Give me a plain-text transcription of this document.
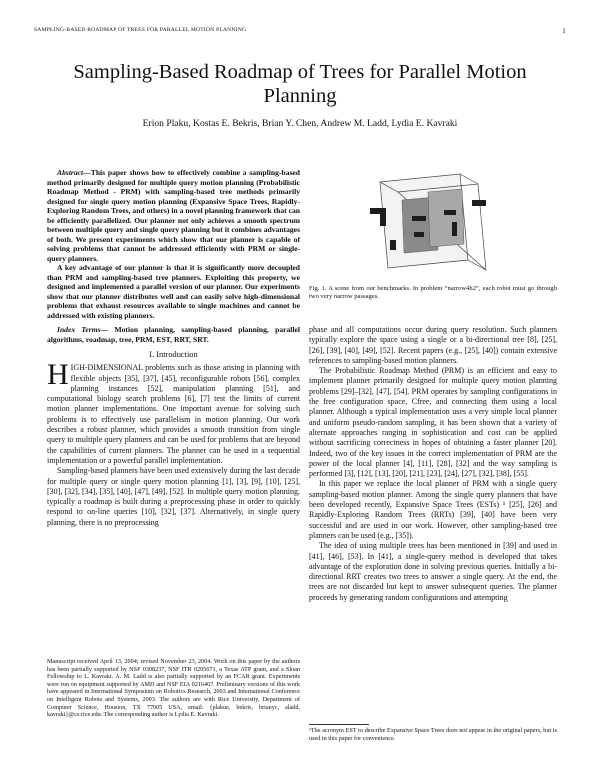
SAMPLING-BASED ROADMAP OF TREES FOR PARALLEL MOTION PLANNING	1
Sampling-Based Roadmap of Trees for Parallel Motion Planning
Erion Plaku, Kostas E. Bekris, Brian Y. Chen, Andrew M. Ladd, Lydia E. Kavraki

Abstract—This paper shows how to effectively combine a sampling-based method primarily designed for multiple query motion planning (Probabilistic Roadmap Method - PRM) with sampling-based tree methods primarily designed for single query motion planning (Expansive Space Trees, Rapidly-Exploring Random Trees, and others) in a novel planning framework that can be efficiently parallelized. Our planner not only achieves a smooth spectrum between multiple query and single query planning but it combines advantages of both. We present experiments which show that our planner is capable of solving problems that cannot be addressed efficiently with PRM or single-query planners.

A key advantage of our planner is that it is significantly more decoupled than PRM and sampling-based tree planners. Exploiting this property, we designed and implemented a parallel version of our planner. Our experiments show that our planner distributes well and can easily solve high-dimensional problems that exhaust resources available to single machines and cannot be addressed with existing planners.

Index Terms— Motion planning, sampling-based planning, parallel algorithms, roadmap, tree, PRM, EST, RRT, SRT.

I. Introduction

HIGH-DIMENSIONAL problems such as those arising in planning with flexible objects [35], [37], [45], reconfigurable robots [56], complex planning instances [52], manipulation planning [51], and computational biology search problems [6], [7] test the limits of current motion planner implementations. One important avenue for solving such problems is to effectively use parallelism in motion planning. Our work describes a robust planner, which provides a smooth transition from single query to multiple query planners and can be used for problems that are beyond the capabilities of current planners. The planner can be used in a sequential implementation or a powerful parallel implementation.

Sampling-based planners have been used extensively during the last decade for multiple query or single query motion planning [1], [3], [9], [10], [25], [30], [32], [34], [35], [40], [47], [49], [52]. In multiple query motion planning, typically a roadmap is built during a preprocessing phase in order to quickly respond to on-line queries [10], [32], [37]. Alternatively, in single query planning, there is no preprocessing

Manuscript received April 13, 2004; revised November 23, 2004. Work on this paper by the authors has been partially supported by NSF 0308237, NSF ITR 0205671, a Texas ATP grant, and a Sloan Fellowship to L. Kavraki. A. M. Ladd is also partially supported by an FCAR grant. Experiments were run on equipment supported by AMD and NSF EIA 0216467. Preliminary versions of this work have appeared in International Symposium on Robotics Research, 2003 and International Conference on Intelligent Robots and Systems, 2003. The authors are with Rice University, Department of Computer Science, Houston, TX 77005 USA, email: {plakue, bekris, brianyc, aladd, kavraki}@cs.rice.edu. The corresponding author is Lydia E. Kavraki.
Fig. 1. A scene from our benchmarks. In problem “narrow4h2”, each robot must go through two very narrow passages.

phase and all computations occur during query resolution. Such planners typically explore the space using a single or a bi-directional tree [8], [25], [26], [39], [40], [49], [52]. Recent papers (e.g., [25], [40]) contain extensive references to sampling-based motion planners.

The Probabilistic Roadmap Method (PRM) is an efficient and easy to implement planner primarily designed for multiple query motion planning problems [29]–[32], [47], [54]. PRM operates by sampling configurations in the free configuration space, Cfree, and connecting them using a local planner. Although a typical implementation uses a very simple local planner and uniform pseudo-random sampling, it has been shown that a variety of alternate approaches ranging in sophistication and cost can be applied without sacrificing correctness in hopes of obtaining a faster planner [20]. Indeed, two of the key issues in the correct implementation of PRM are the power of the local planner [4], [11], [28], [32] and the way sampling is performed [3], [12], [13], [20], [21], [23], [24], [27], [32], [38], [55].

In this paper we replace the local planner of PRM with a single query sampling-based motion planner. Among the single query planners that have been developed recently, Expansive Space Trees (ESTs) ¹ [25], [26] and Rapidly-Exploring Random Trees (RRTs) [39], [40] have been very successful and are used in our work. However, other sampling-based tree planners can be used (e.g., [35]).

The idea of using multiple trees has been mentioned in [39] and used in [41], [46], [53]. In [41], a single-query method is developed that takes advantage of the exploration done in solving previous queries. Initially a bi-directional RRT creates two trees to answer a single query. At the end, the trees are not discarded but kept to answer subsequent queries. The planner proceeds by generating random configurations and attempting

¹The acronym EST to describe Expansive Space Trees does not appear in the original papers, but is used in this paper for convenience.
